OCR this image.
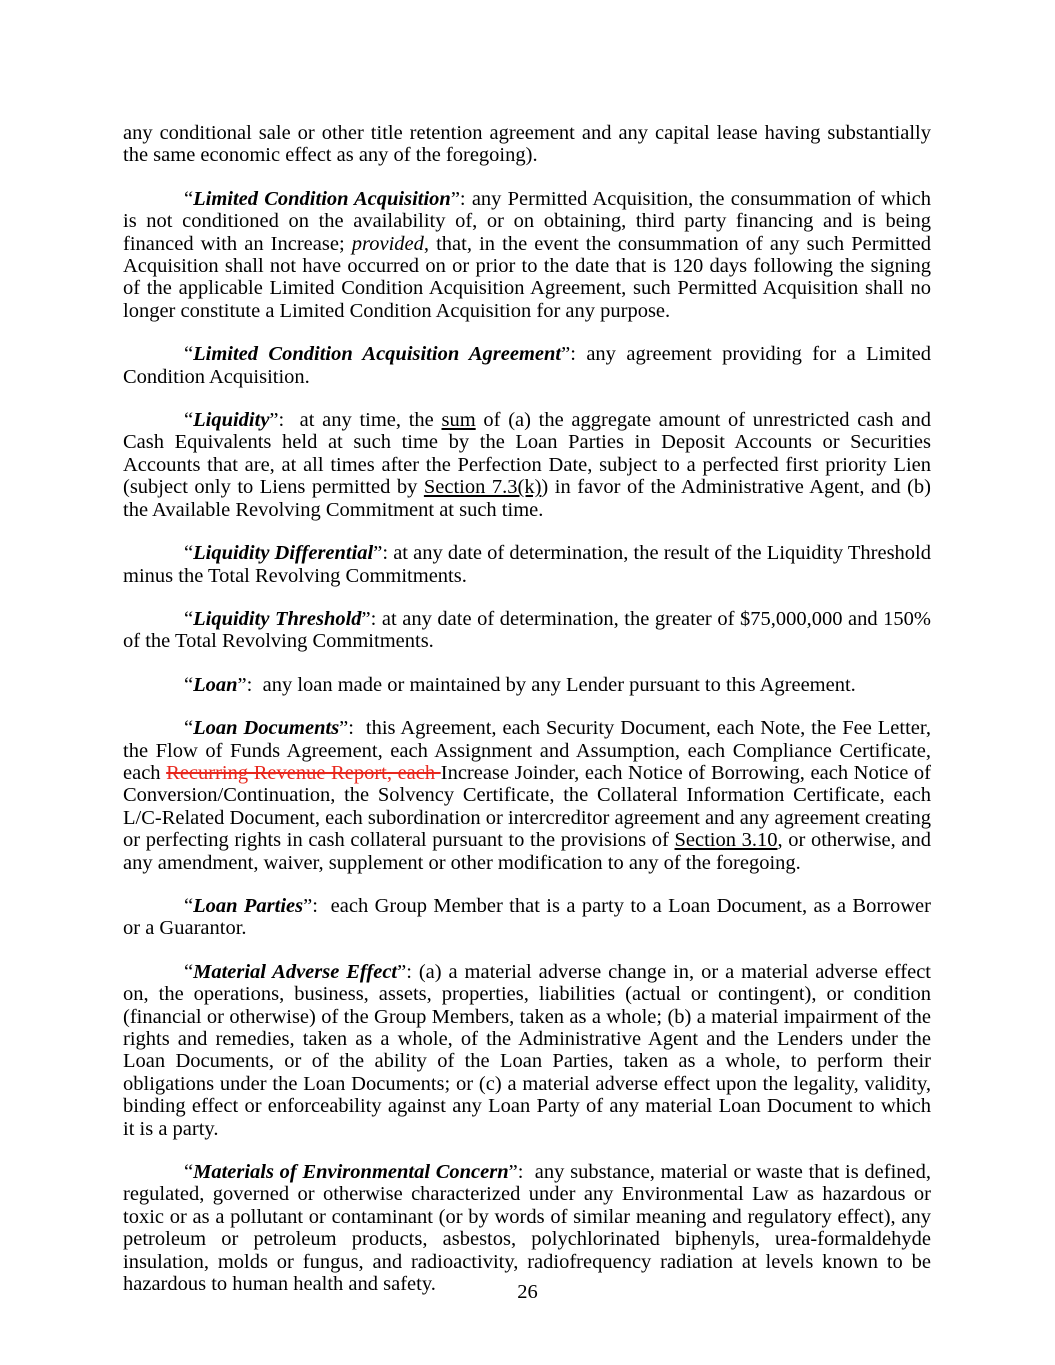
any conditional sale or other title retention agreement and any capital lease having substantially the same economic effect as any of the foregoing).

“Limited Condition Acquisition”: any Permitted Acquisition, the consummation of which is not conditioned on the availability of, or on obtaining, third party financing and is being financed with an Increase; provided, that, in the event the consummation of any such Permitted Acquisition shall not have occurred on or prior to the date that is 120 days following the signing of the applicable Limited Condition Acquisition Agreement, such Permitted Acquisition shall no longer constitute a Limited Condition Acquisition for any purpose.

“Limited Condition Acquisition Agreement”: any agreement providing for a Limited Condition Acquisition.

“Liquidity”:  at any time, the sum of (a) the aggregate amount of unrestricted cash and Cash Equivalents held at such time by the Loan Parties in Deposit Accounts or Securities Accounts that are, at all times after the Perfection Date, subject to a perfected first priority Lien (subject only to Liens permitted by Section 7.3(k)) in favor of the Administrative Agent, and (b) the Available Revolving Commitment at such time.

“Liquidity Differential”: at any date of determination, the result of the Liquidity Threshold minus the Total Revolving Commitments.

“Liquidity Threshold”: at any date of determination, the greater of $75,000,000 and 150% of the Total Revolving Commitments.

“Loan”:  any loan made or maintained by any Lender pursuant to this Agreement.

“Loan Documents”:  this Agreement, each Security Document, each Note, the Fee Letter, the Flow of Funds Agreement, each Assignment and Assumption, each Compliance Certificate, each Recurring Revenue Report, each Increase Joinder, each Notice of Borrowing, each Notice of Conversion/Continuation, the Solvency Certificate, the Collateral Information Certificate, each L/C-Related Document, each subordination or intercreditor agreement and any agreement creating or perfecting rights in cash collateral pursuant to the provisions of Section 3.10, or otherwise, and any amendment, waiver, supplement or other modification to any of the foregoing.

“Loan Parties”:  each Group Member that is a party to a Loan Document, as a Borrower or a Guarantor.

“Material Adverse Effect”: (a) a material adverse change in, or a material adverse effect on, the operations, business, assets, properties, liabilities (actual or contingent), or condition (financial or otherwise) of the Group Members, taken as a whole; (b) a material impairment of the rights and remedies, taken as a whole, of the Administrative Agent and the Lenders under the Loan Documents, or of the ability of the Loan Parties, taken as a whole, to perform their obligations under the Loan Documents; or (c) a material adverse effect upon the legality, validity, binding effect or enforceability against any Loan Party of any material Loan Document to which it is a party.

“Materials of Environmental Concern”:  any substance, material or waste that is defined, regulated, governed or otherwise characterized under any Environmental Law as hazardous or toxic or as a pollutant or contaminant (or by words of similar meaning and regulatory effect), any petroleum or petroleum products, asbestos, polychlorinated biphenyls, urea-formaldehyde insulation, molds or fungus, and radioactivity, radiofrequency radiation at levels known to be hazardous to human health and safety.	26
